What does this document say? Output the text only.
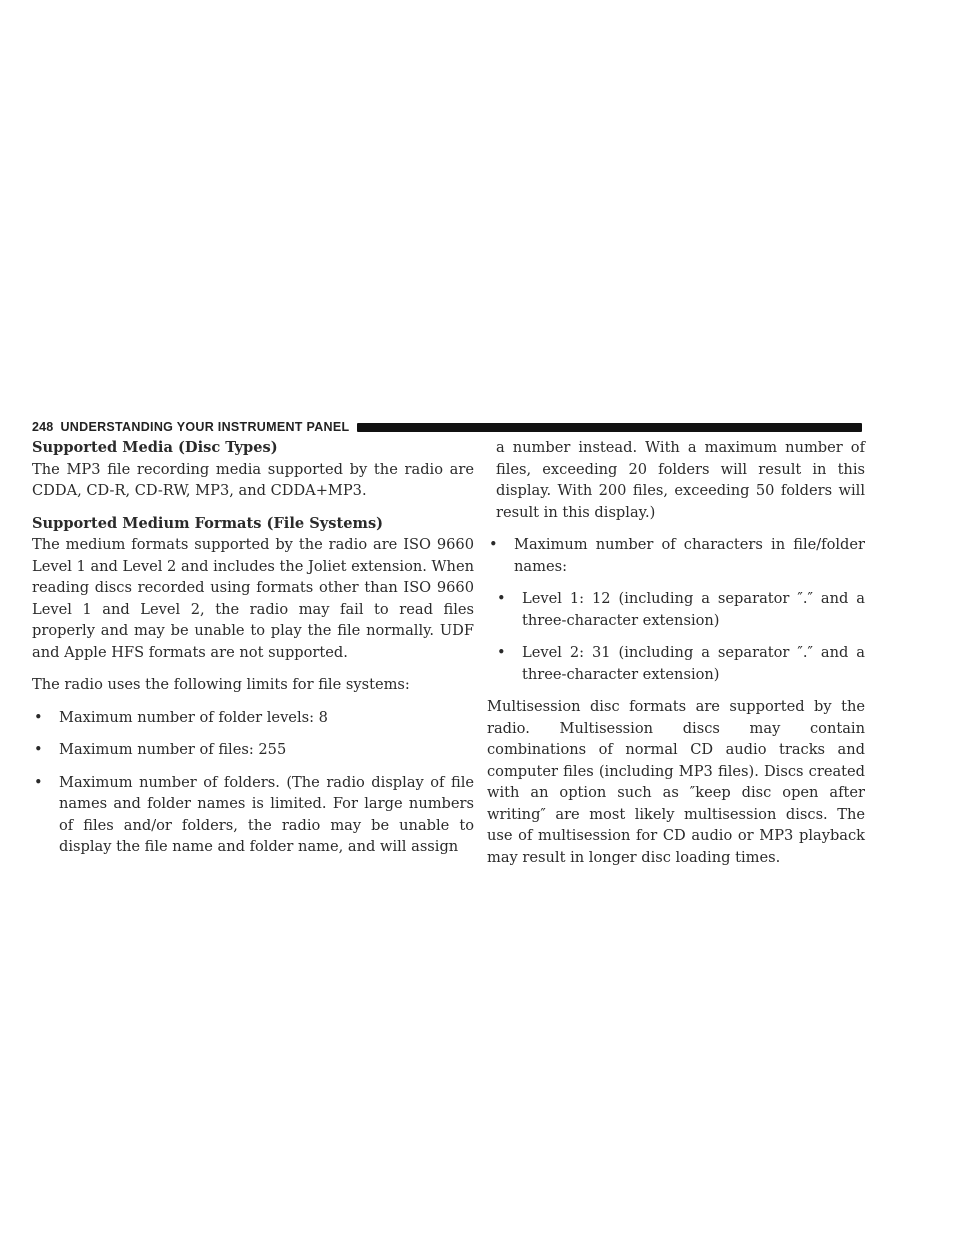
248 UNDERSTANDING YOUR INSTRUMENT PANEL

Supported Media (Disc Types)

The MP3 file recording media supported by the radio are CDDA, CD-R, CD-RW, MP3, and CDDA+MP3.

Supported Medium Formats (File Systems)

The medium formats supported by the radio are ISO 9660 Level 1 and Level 2 and includes the Joliet extension. When reading discs recorded using formats other than ISO 9660 Level 1 and Level 2, the radio may fail to read files properly and may be unable to play the file normally. UDF and Apple HFS formats are not supported.

The radio uses the following limits for file systems:

•	Maximum number of folder levels: 8
•	Maximum number of files: 255
•	Maximum number of folders. (The radio display of file names and folder names is limited. For large numbers of files and/or folders, the radio may be unable to display the file name and folder name, and will assign

a number instead. With a maximum number of files, exceeding 20 folders will result in this display. With 200 files, exceeding 50 folders will result in this display.)

•	Maximum number of characters in file/folder names:
•	Level 1: 12 (including a separator ″.″ and a three-character extension)
•	Level 2: 31 (including a separator ″.″ and a three-character extension)

Multisession disc formats are supported by the radio. Multisession discs may contain combinations of normal CD audio tracks and computer files (including MP3 files). Discs created with an option such as ″keep disc open after writing″ are most likely multisession discs. The use of multisession for CD audio or MP3 playback may result in longer disc loading times.
